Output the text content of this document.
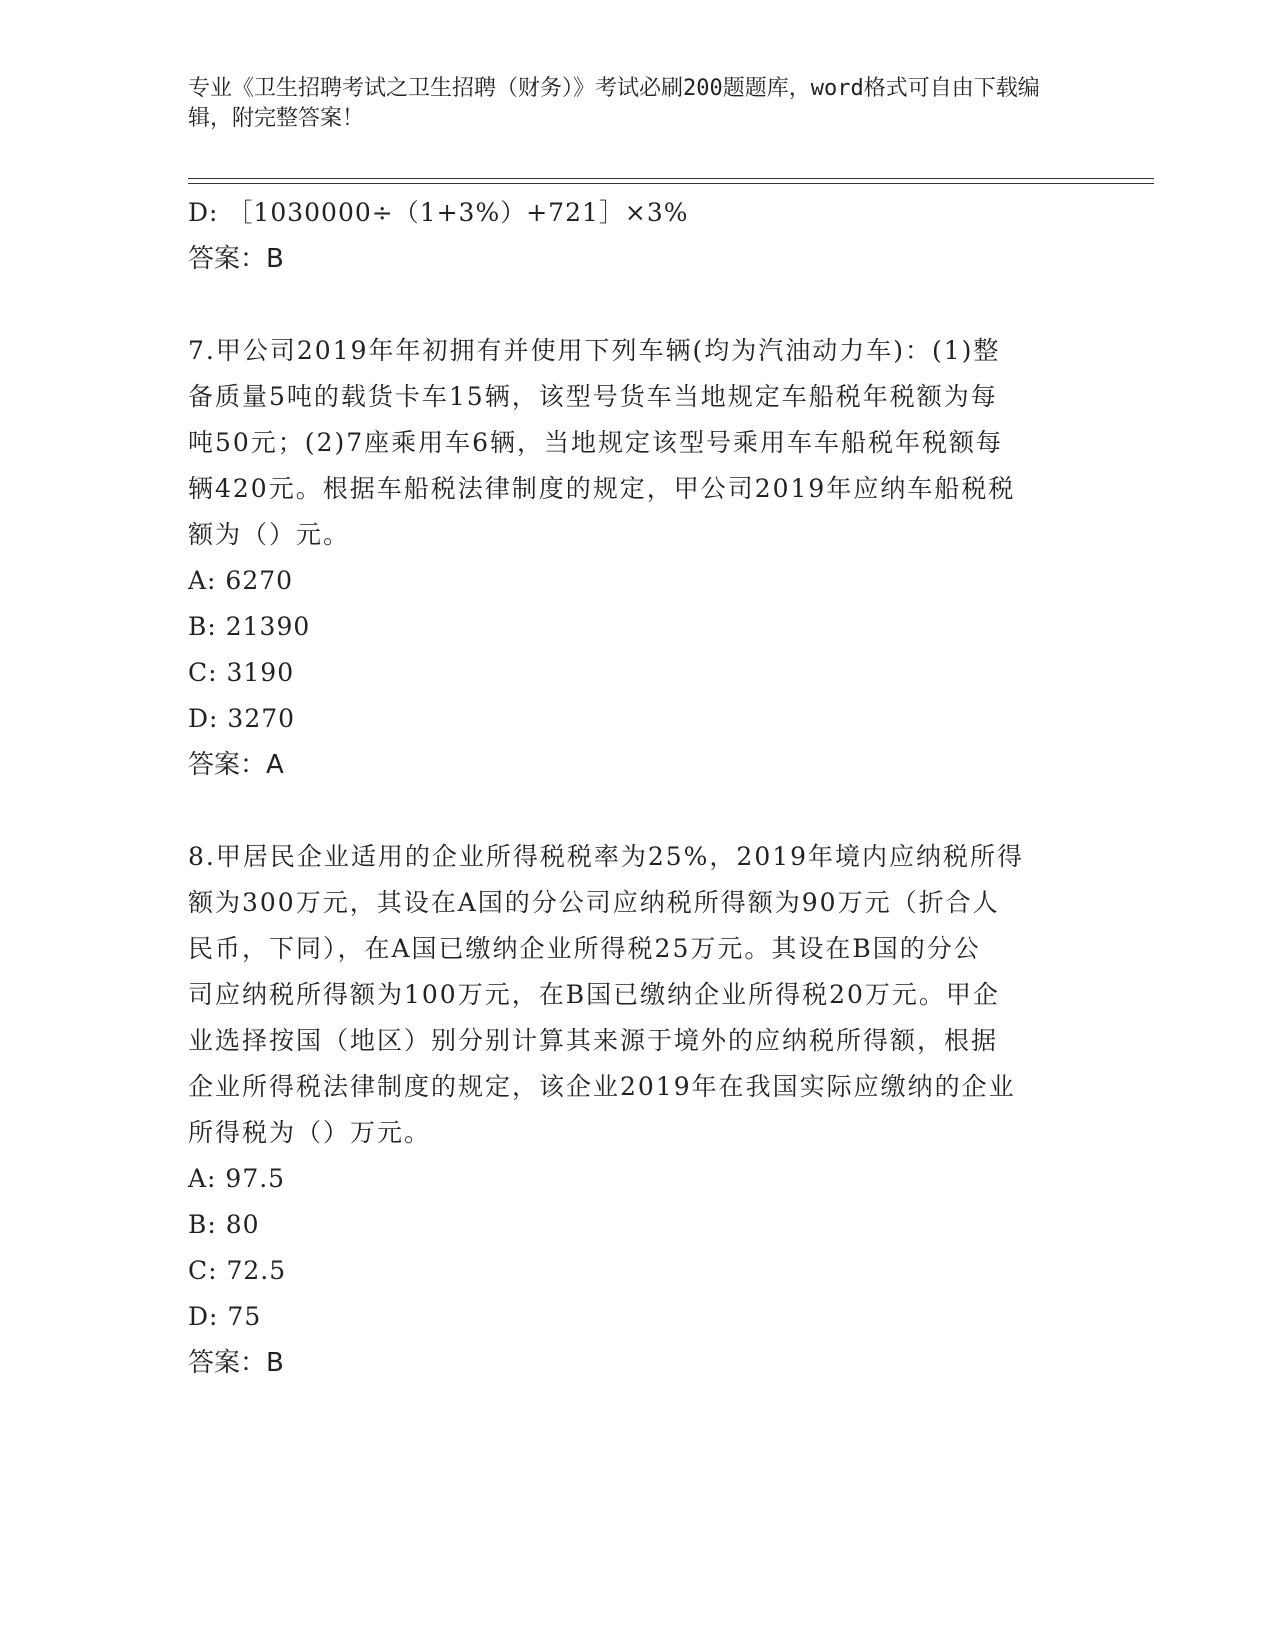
专业《卫生招聘考试之卫生招聘（财务）》考试必刷200题题库，word格式可自由下载编辑，附完整答案！
D: ［1030000÷（1+3%）+721］×3%
答案：B
7.甲公司2019年年初拥有并使用下列车辆(均为汽油动力车)：(1)整
备质量5吨的载货卡车15辆，该型号货车当地规定车船税年税额为每
吨50元；(2)7座乘用车6辆，当地规定该型号乘用车车船税年税额每
辆420元。根据车船税法律制度的规定，甲公司2019年应纳车船税税
额为（）元。
A: 6270
B: 21390
C: 3190
D: 3270
答案：A
8.甲居民企业适用的企业所得税税率为25%，2019年境内应纳税所得
额为300万元，其设在A国的分公司应纳税所得额为90万元（折合人
民币，下同），在A国已缴纳企业所得税25万元。其设在B国的分公
司应纳税所得额为100万元，在B国已缴纳企业所得税20万元。甲企
业选择按国（地区）别分别计算其来源于境外的应纳税所得额，根据
企业所得税法律制度的规定，该企业2019年在我国实际应缴纳的企业
所得税为（）万元。
A: 97.5
B: 80
C: 72.5
D: 75
答案：B
